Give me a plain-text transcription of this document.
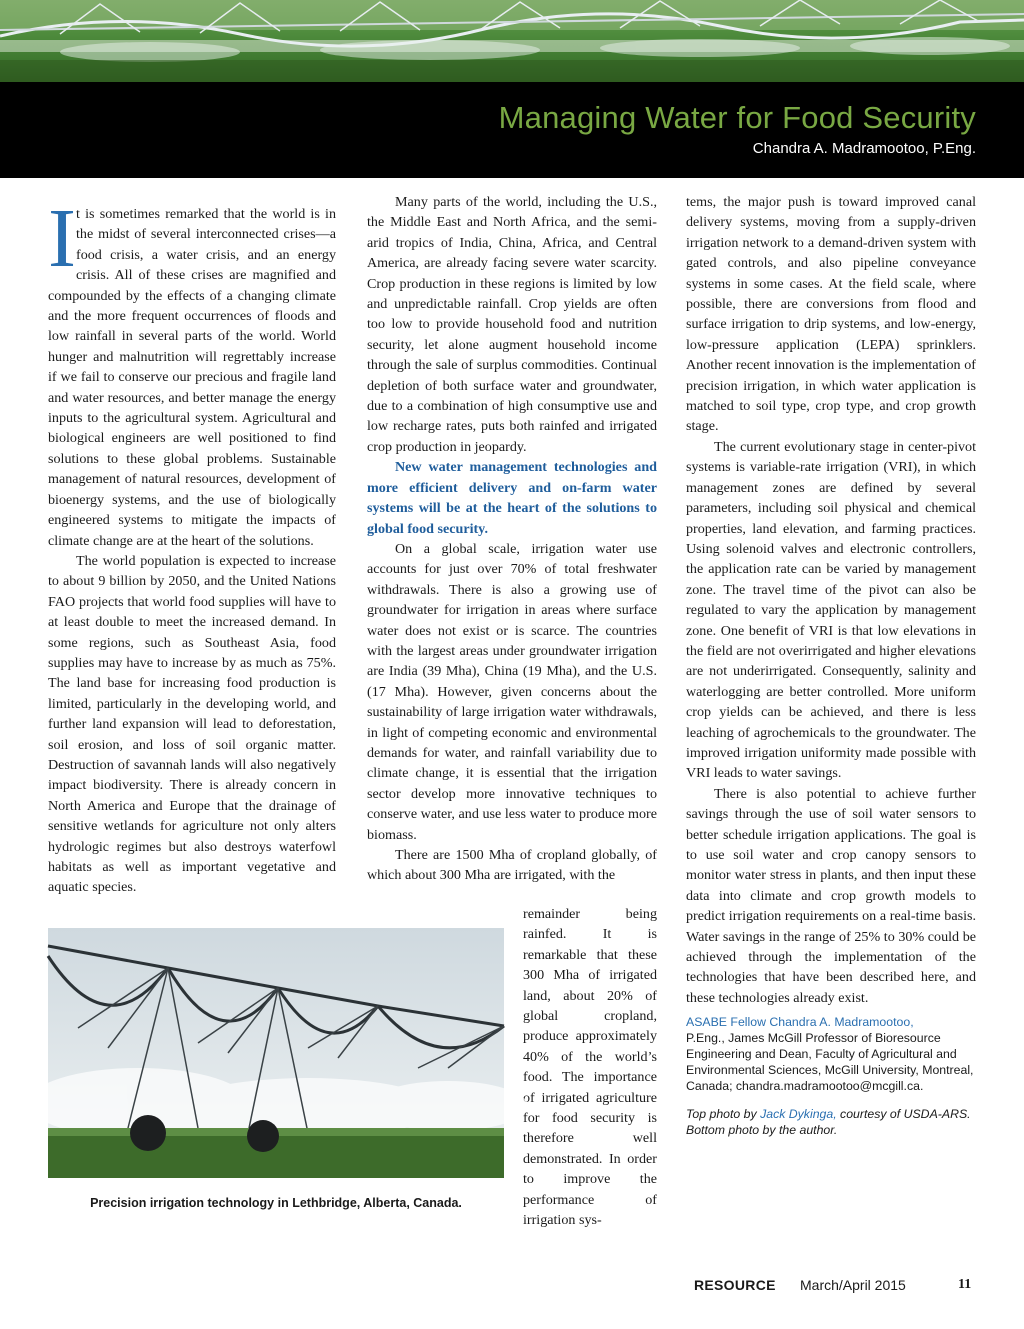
Managing Water for Food Security
Chandra A. Madramootoo, P.Eng.

It is sometimes remarked that the world is in the midst of several interconnected crises—a food crisis, a water crisis, and an energy crisis. All of these crises are magnified and compounded by the effects of a changing climate and the more frequent occurrences of floods and low rainfall in several parts of the world. World hunger and malnutrition will regrettably increase if we fail to conserve our precious and fragile land and water resources, and better manage the energy inputs to the agricultural system. Agricultural and biological engineers are well positioned to find solutions to these global problems. Sustainable management of natural resources, development of bioenergy systems, and the use of biologically engineered systems to mitigate the impacts of climate change are at the heart of the solutions.

The world population is expected to increase to about 9 billion by 2050, and the United Nations FAO projects that world food supplies will have to at least double to meet the increased demand. In some regions, such as Southeast Asia, food supplies may have to increase by as much as 75%. The land base for increasing food production is limited, particularly in the developing world, and further land expansion will lead to deforestation, soil erosion, and loss of soil organic matter. Destruction of savannah lands will also negatively impact biodiversity. There is already concern in North America and Europe that the drainage of sensitive wetlands for agriculture not only alters hydrologic regimes but also destroys waterfowl habitats as well as important vegetative and aquatic species.

Many parts of the world, including the U.S., the Middle East and North Africa, and the semi-arid tropics of India, China, Africa, and Central America, are already facing severe water scarcity. Crop production in these regions is limited by low and unpredictable rainfall. Crop yields are often too low to provide household food and nutrition security, let alone augment household income through the sale of surplus commodities. Continual depletion of both surface water and groundwater, due to a combination of high consumptive use and low recharge rates, puts both rainfed and irrigated crop production in jeopardy.

New water management technologies and more efficient delivery and on-farm water systems will be at the heart of the solutions to global food security.

On a global scale, irrigation water use accounts for just over 70% of total freshwater withdrawals. There is also a growing use of groundwater for irrigation in areas where surface water does not exist or is scarce. The countries with the largest areas under groundwater irrigation are India (39 Mha), China (19 Mha), and the U.S. (17 Mha). However, given concerns about the sustainability of large irrigation water withdrawals, in light of competing economic and environmental demands for water, and rainfall variability due to climate change, it is essential that the irrigation sector develop more innovative techniques to conserve water, and use less water to produce more biomass.

There are 1500 Mha of cropland globally, of which about 300 Mha are irrigated, with the

remainder being rainfed. It is remarkable that these 300 Mha of irrigated land, about 20% of global cropland, produce approximately 40% of the world’s food. The importance of irrigated agriculture for food security is therefore well demonstrated. In order to improve the performance of irrigation sys-

tems, the major push is toward improved canal delivery systems, moving from a supply-driven irrigation network to a demand-driven system with gated controls, and also pipeline conveyance systems in some cases. At the field scale, where possible, there are conversions from flood and surface irrigation to drip systems, and low-energy, low-pressure application (LEPA) sprinklers. Another recent innovation is the implementation of precision irrigation, in which water application is matched to soil type, crop type, and crop growth stage.

The current evolutionary stage in center-pivot systems is variable-rate irrigation (VRI), in which management zones are defined by several parameters, including soil physical and chemical properties, land elevation, and farming practices. Using solenoid valves and electronic controllers, the application rate can be varied by management zone. The travel time of the pivot can also be regulated to vary the application by management zone. One benefit of VRI is that low elevations in the field are not overirrigated and higher elevations are not underirrigated. Consequently, salinity and waterlogging are better controlled. More uniform crop yields can be achieved, and there is less leaching of agrochemicals to the groundwater. The improved irrigation uniformity made possible with VRI leads to water savings.

There is also potential to achieve further savings through the use of soil water sensors to better schedule irrigation applications. The goal is to use soil water and crop canopy sensors to monitor water stress in plants, and then input these data into climate and crop growth models to predict irrigation requirements on a real-time basis. Water savings in the range of 25% to 30% could be achieved through the implementation of the technologies that have been described here, and these technologies already exist.

ASABE Fellow Chandra A. Madramootoo,
P.Eng., James McGill Professor of Bioresource Engineering and Dean, Faculty of Agricultural and Environmental Sciences, McGill University, Montreal, Canada; chandra.madramootoo@mcgill.ca.
Top photo by Jack Dykinga, courtesy of USDA-ARS.
Bottom photo by the author.
Precision irrigation technology in Lethbridge, Alberta, Canada.
RESOURCE March/April 2015	11
